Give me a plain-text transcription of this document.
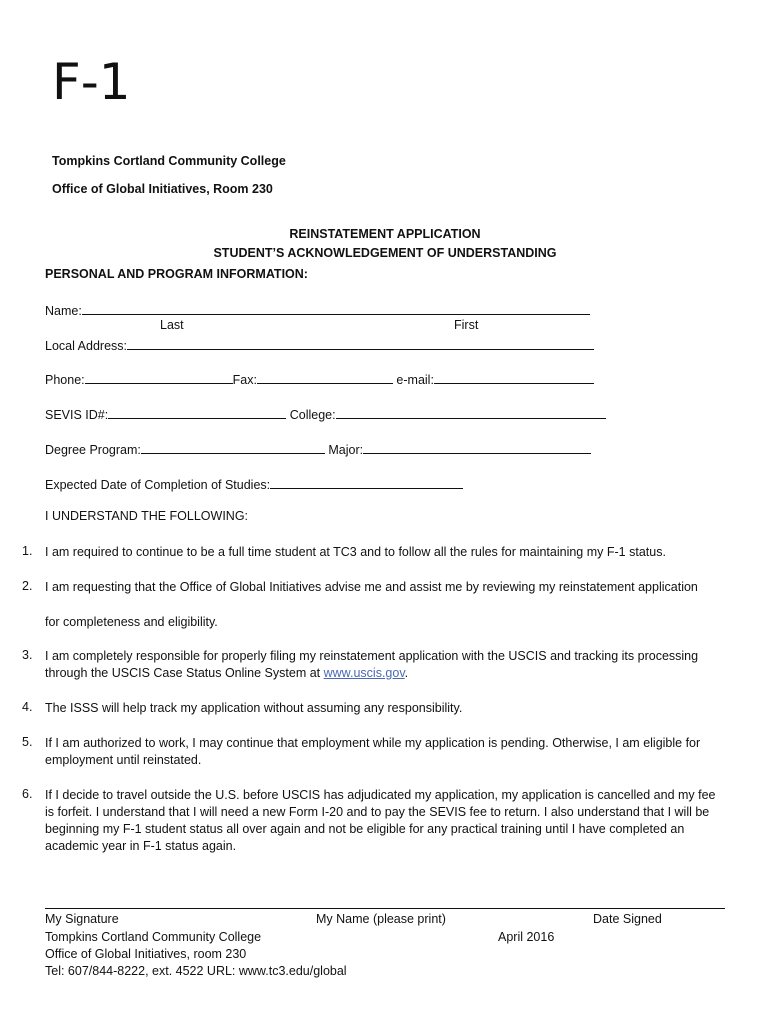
F-1
Tompkins Cortland Community College
Office of Global Initiatives, Room 230
REINSTATEMENT APPLICATION
STUDENT’S ACKNOWLEDGEMENT OF UNDERSTANDING
PERSONAL AND PROGRAM INFORMATION:
Name:
Last	First
Local Address:
Phone:	Fax:	e-mail:
SEVIS ID#:	College:
Degree Program:	Major:
Expected Date of Completion of Studies:
I UNDERSTAND THE FOLLOWING:
1. I am required to continue to be a full time student at TC3 and to follow all the rules for maintaining my F-1 status.
2. I am requesting that the Office of Global Initiatives advise me and assist me by reviewing my reinstatement application
for completeness and eligibility.
3. I am completely responsible for properly filing my reinstatement application with the USCIS and tracking its processing through the USCIS Case Status Online System at www.uscis.gov.
4. The ISSS will help track my application without assuming any responsibility.
5. If I am authorized to work, I may continue that employment while my application is pending. Otherwise, I am eligible for employment until reinstated.
6. If I decide to travel outside the U.S. before USCIS has adjudicated my application, my application is cancelled and my fee is forfeit. I understand that I will need a new Form I-20 and to pay the SEVIS fee to return. I also understand that I will be beginning my F-1 student status all over again and not be eligible for any practical training until I have completed an academic year in F-1 status again.
My Signature	My Name (please print)	Date Signed
Tompkins Cortland Community College
Office of Global Initiatives, room 230
Tel: 607/844-8222, ext. 4522 URL: www.tc3.edu/global
April 2016
